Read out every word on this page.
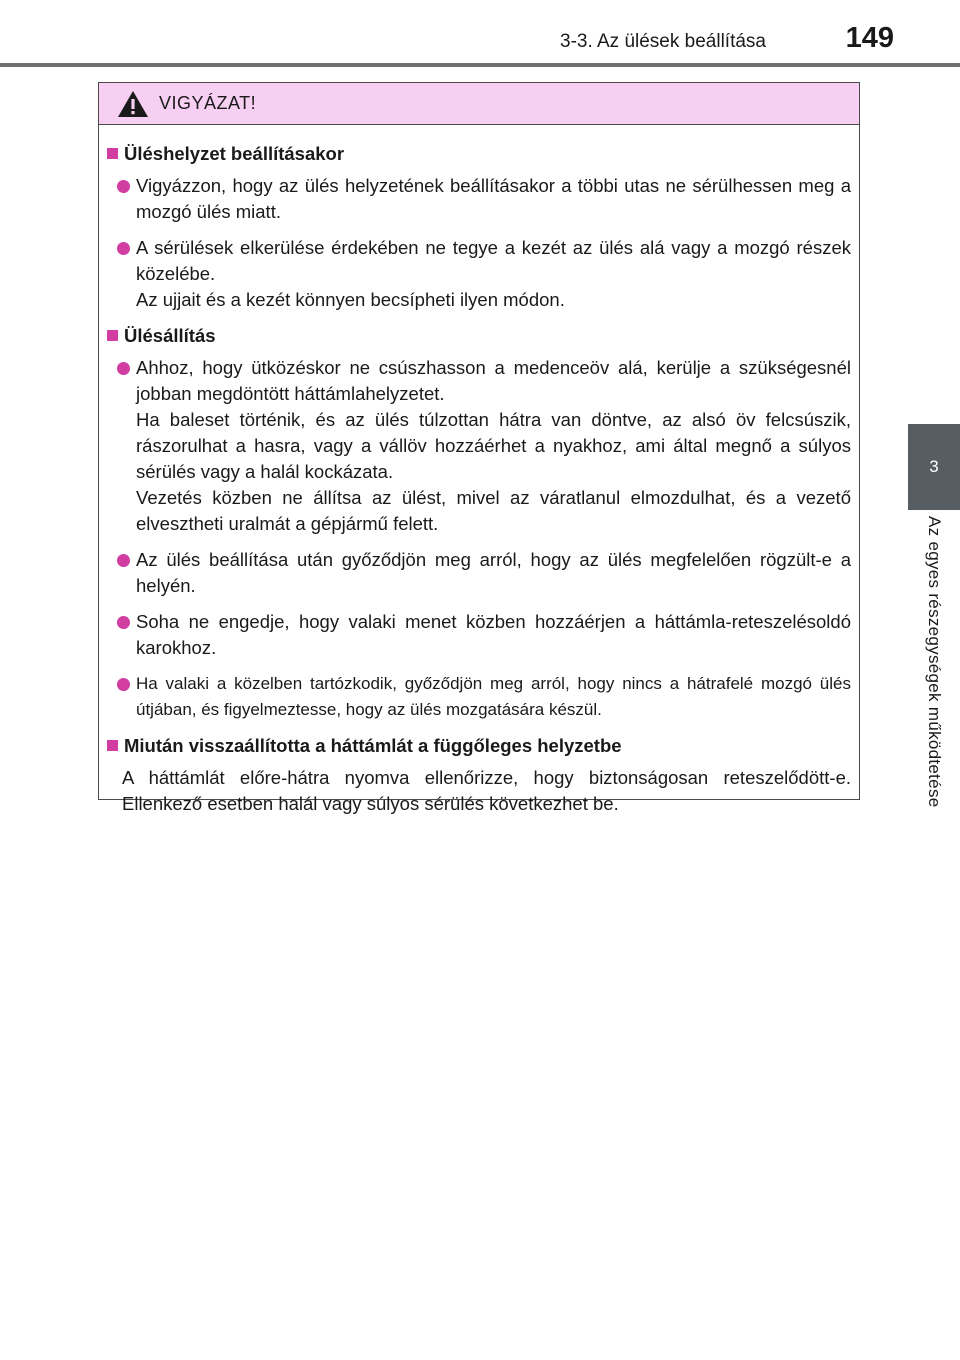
3-3. Az ülések beállítása	149
3
Az egyes részegységek működtetése
VIGYÁZAT!
Üléshelyzet beállításakor

Vigyázzon, hogy az ülés helyzetének beállításakor a többi utas ne sérülhessen meg a mozgó ülés miatt.

A sérülések elkerülése érdekében ne tegye a kezét az ülés alá vagy a mozgó részek közelébe.

Az ujjait és a kezét könnyen becsípheti ilyen módon.

Ülésállítás

Ahhoz, hogy ütközéskor ne csúszhasson a medenceöv alá, kerülje a szükségesnél jobban megdöntött háttámlahelyzetet.

Ha baleset történik, és az ülés túlzottan hátra van döntve, az alsó öv felcsúszik, rászorulhat a hasra, vagy a vállöv hozzáérhet a nyakhoz, ami által megnő a súlyos sérülés vagy a halál kockázata.

Vezetés közben ne állítsa az ülést, mivel az váratlanul elmozdulhat, és a vezető elvesztheti uralmát a gépjármű felett.

Az ülés beállítása után győződjön meg arról, hogy az ülés megfelelően rögzült-e a helyén.

Soha ne engedje, hogy valaki menet közben hozzáérjen a háttámla-reteszelésoldó karokhoz.

Ha valaki a közelben tartózkodik, győződjön meg arról, hogy nincs a hátrafelé mozgó ülés útjában, és figyelmeztesse, hogy az ülés mozgatására készül.

Miután visszaállította a háttámlát a függőleges helyzetbe

A háttámlát előre-hátra nyomva ellenőrizze, hogy biztonságosan reteszelődött-e. Ellenkező esetben halál vagy súlyos sérülés következhet be.
